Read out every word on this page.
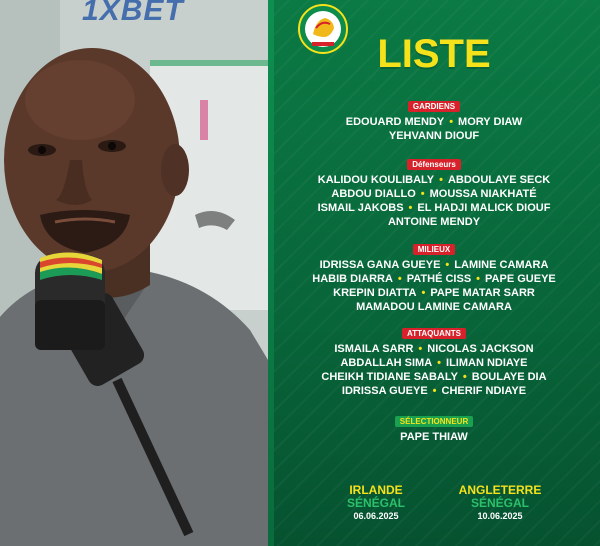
1XBET
LISTE
GARDIENS
EDOUARD MENDY • MORY DIAW
YEHVANN DIOUF
Défenseurs
KALIDOU KOULIBALY • ABDOULAYE SECK
ABDOU DIALLO • MOUSSA NIAKHATÉ
ISMAIL JAKOBS • EL HADJI MALICK DIOUF
ANTOINE MENDY
MILIEUX
IDRISSA GANA GUEYE • LAMINE CAMARA
HABIB DIARRA • PATHÉ CISS • PAPE GUEYE
KREPIN DIATTA • PAPE MATAR SARR
MAMADOU LAMINE CAMARA
ATTAQUANTS
ISMAILA SARR • NICOLAS JACKSON
ABDALLAH SIMA • ILIMAN NDIAYE
CHEIKH TIDIANE SABALY • BOULAYE DIA
IDRISSA GUEYE • CHERIF NDIAYE
SÉLECTIONNEUR
PAPE THIAW
IRLANDE
SÉNÉGAL
06.06.2025
ANGLETERRE
SÉNÉGAL
10.06.2025
